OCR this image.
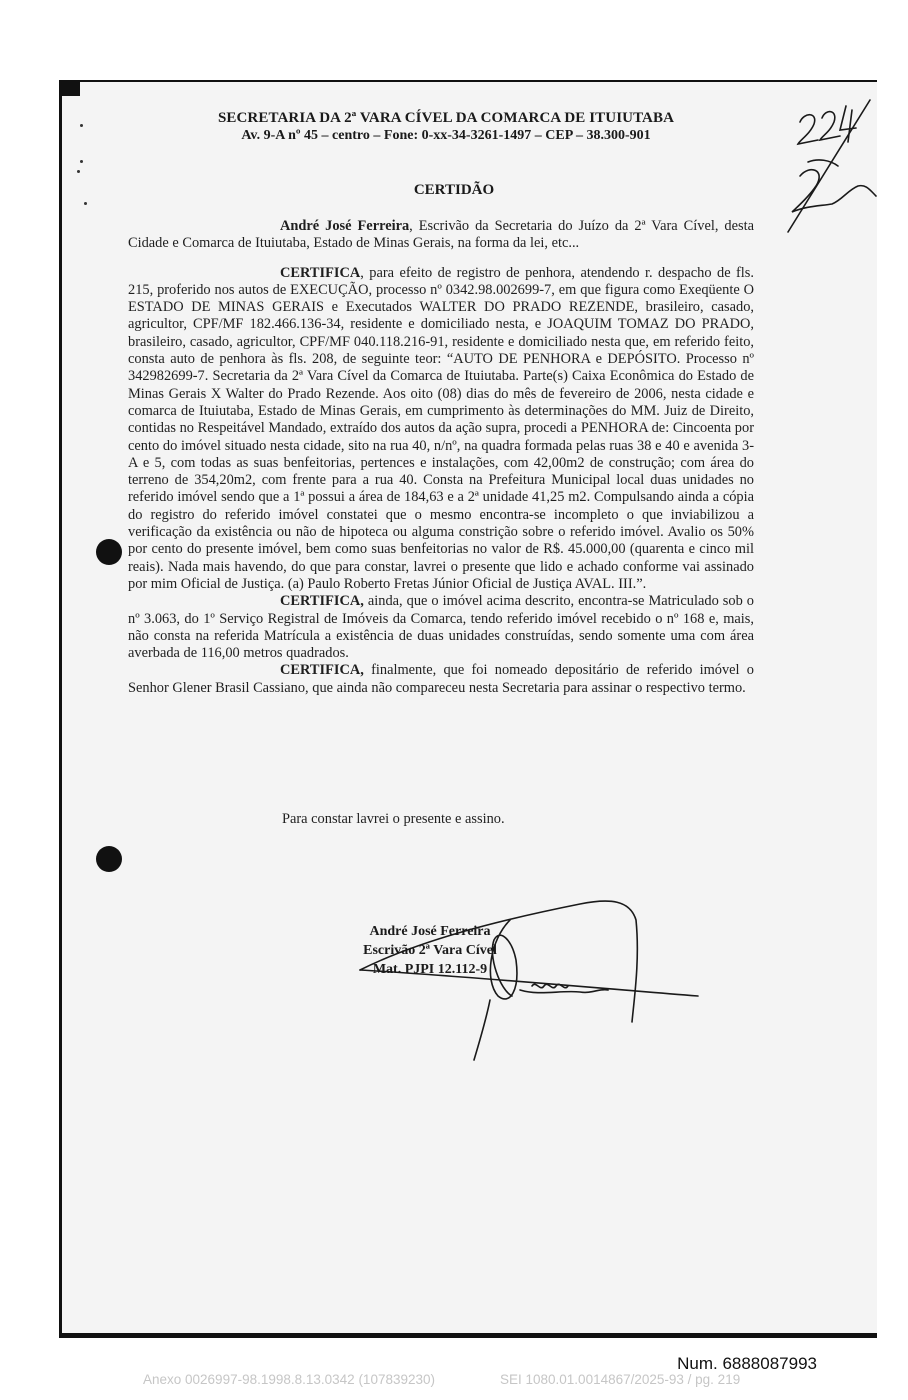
SECRETARIA DA 2ª VARA CÍVEL DA COMARCA DE ITUIUTABA
Av. 9-A nº 45 – centro – Fone: 0-xx-34-3261-1497 – CEP – 38.300-901
CERTIDÃO

André José Ferreira, Escrivão da Secretaria do Juízo da 2ª Vara Cível, desta Cidade e Comarca de Ituiutaba, Estado de Minas Gerais, na forma da lei, etc...

CERTIFICA, para efeito de registro de penhora, atendendo r. despacho de fls. 215, proferido nos autos de EXECUÇÃO, processo nº 0342.98.002699-7, em que figura como Exeqüente O ESTADO DE MINAS GERAIS e Executados WALTER DO PRADO REZENDE, brasileiro, casado, agricultor, CPF/MF 182.466.136-34, residente e domiciliado nesta, e JOAQUIM TOMAZ DO PRADO, brasileiro, casado, agricultor, CPF/MF 040.118.216-91, residente e domiciliado nesta que, em referido feito, consta auto de penhora às fls. 208, de seguinte teor: “AUTO DE PENHORA e DEPÓSITO. Processo nº 342982699-7. Secretaria da 2ª Vara Cível da Comarca de Ituiutaba. Parte(s) Caixa Econômica do Estado de Minas Gerais X Walter do Prado Rezende. Aos oito (08) dias do mês de fevereiro de 2006, nesta cidade e comarca de Ituiutaba, Estado de Minas Gerais, em cumprimento às determinações do MM. Juiz de Direito, contidas no Respeitável Mandado, extraído dos autos da ação supra, procedi a PENHORA de: Cincoenta por cento do imóvel situado nesta cidade, sito na rua 40, n/nº, na quadra formada pelas ruas 38 e 40 e avenida 3-A e 5, com todas as suas benfeitorias, pertences e instalações, com 42,00m2 de construção; com área do terreno de 354,20m2, com frente para a rua 40. Consta na Prefeitura Municipal local duas unidades no referido imóvel sendo que a 1ª possui a área de 184,63 e a 2ª unidade 41,25 m2. Compulsando ainda a cópia do registro do referido imóvel constatei que o mesmo encontra-se incompleto o que inviabilizou a verificação da existência ou não de hipoteca ou alguma constrição sobre o referido imóvel. Avalio os 50% por cento do presente imóvel, bem como suas benfeitorias no valor de R$. 45.000,00 (quarenta e cinco mil reais). Nada mais havendo, do que para constar, lavrei o presente que lido e achado conforme vai assinado por mim Oficial de Justiça. (a) Paulo Roberto Fretas Júnior Oficial de Justiça AVAL. III.”.

CERTIFICA, ainda, que o imóvel acima descrito, encontra-se Matriculado sob o nº 3.063, do 1º Serviço Registral de Imóveis da Comarca, tendo referido imóvel recebido o nº 168 e, mais, não consta na referida Matrícula a existência de duas unidades construídas, sendo somente uma com área averbada de 116,00 metros quadrados.

CERTIFICA, finalmente, que foi nomeado depositário de referido imóvel o Senhor Glener Brasil Cassiano, que ainda não compareceu nesta Secretaria para assinar o respectivo termo.

Para constar lavrei o presente e assino.
André José Ferreira
Escrivão 2ª Vara Cível
Mat. PJPI 12.112-9
Num. 6888087993
Anexo 0026997-98.1998.8.13.0342 (107839230)	SEI 1080.01.0014867/2025-93 / pg. 219
